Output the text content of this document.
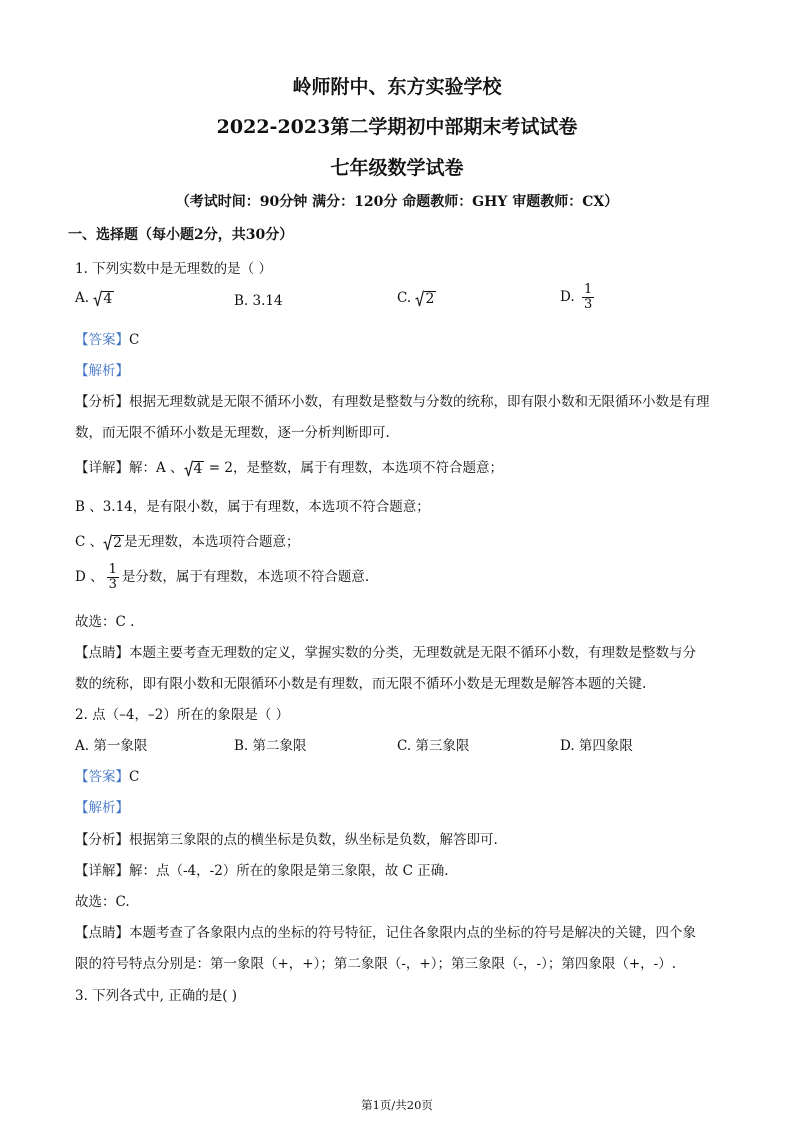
岭师附中、东方实验学校
2022-2023第二学期初中部期末考试试卷
七年级数学试卷
（考试时间：90分钟 满分：120分 命题教师：GHY 审题教师：CX）
一、选择题（每小题2分，共30分）
1. 下列实数中是无理数的是（ ）
A. 4	B. 3.14	C. 2	D. $\frac{1}{3}$
【答案】C
【解析】
【分析】根据无理数就是无限不循环小数，有理数是整数与分数的统称，即有限小数和无限循环小数是有理
数，而无限不循环小数是无理数，逐一分析判断即可.
【详解】解：A 、 4 = 2，是整数，属于有理数，本选项不符合题意；
B 、3.14，是有限小数，属于有理数，本选项不符合题意；
C 、 2 是无理数，本选项符合题意；
D 、 $\frac{1}{3}$ 是分数，属于有理数，本选项不符合题意.
故选：C .
【点睛】本题主要考查无理数的定义，掌握实数的分类，无理数就是无限不循环小数，有理数是整数与分
数的统称，即有限小数和无限循环小数是有理数，而无限不循环小数是无理数是解答本题的关键.
2. 点（–4，–2）所在的象限是（ ）
A. 第一象限	B. 第二象限	C. 第三象限	D. 第四象限
【答案】C
【解析】
【分析】根据第三象限的点的横坐标是负数，纵坐标是负数，解答即可.
【详解】解：点（-4，-2）所在的象限是第三象限，故 C 正确.
故选：C.
【点睛】本题考查了各象限内点的坐标的符号特征，记住各象限内点的坐标的符号是解决的关键，四个象
限的符号特点分别是：第一象限（+，+）；第二象限（-，+）；第三象限（-，-）；第四象限（+，-）.
3. 下列各式中, 正确的是( )
第1页/共20页
